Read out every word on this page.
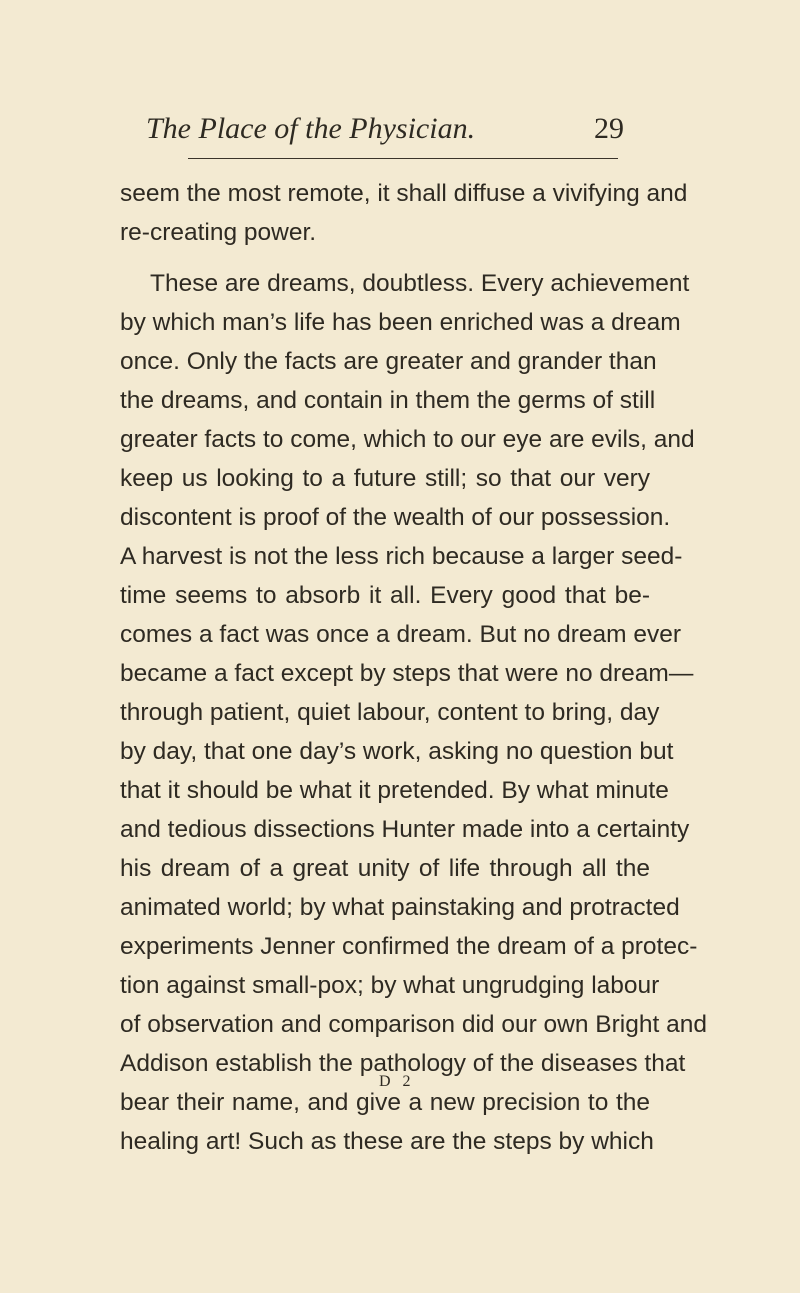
The Place of the Physician.	29
seem the most remote, it shall diffuse a vivifying and
re-creating power.
These are dreams, doubtless. Every achievement
by which man’s life has been enriched was a dream
once. Only the facts are greater and grander than
the dreams, and contain in them the germs of still
greater facts to come, which to our eye are evils, and
keep us looking to a future still; so that our very
discontent is proof of the wealth of our possession.
A harvest is not the less rich because a larger seed-
time seems to absorb it all. Every good that be-
comes a fact was once a dream. But no dream ever
became a fact except by steps that were no dream—
through patient, quiet labour, content to bring, day
by day, that one day’s work, asking no question but
that it should be what it pretended. By what minute
and tedious dissections Hunter made into a certainty
his dream of a great unity of life through all the
animated world; by what painstaking and protracted
experiments Jenner confirmed the dream of a protec-
tion against small-pox; by what ungrudging labour
of observation and comparison did our own Bright and
Addison establish the pathology of the diseases that
bear their name, and give a new precision to the
healing art! Such as these are the steps by which
D 2
